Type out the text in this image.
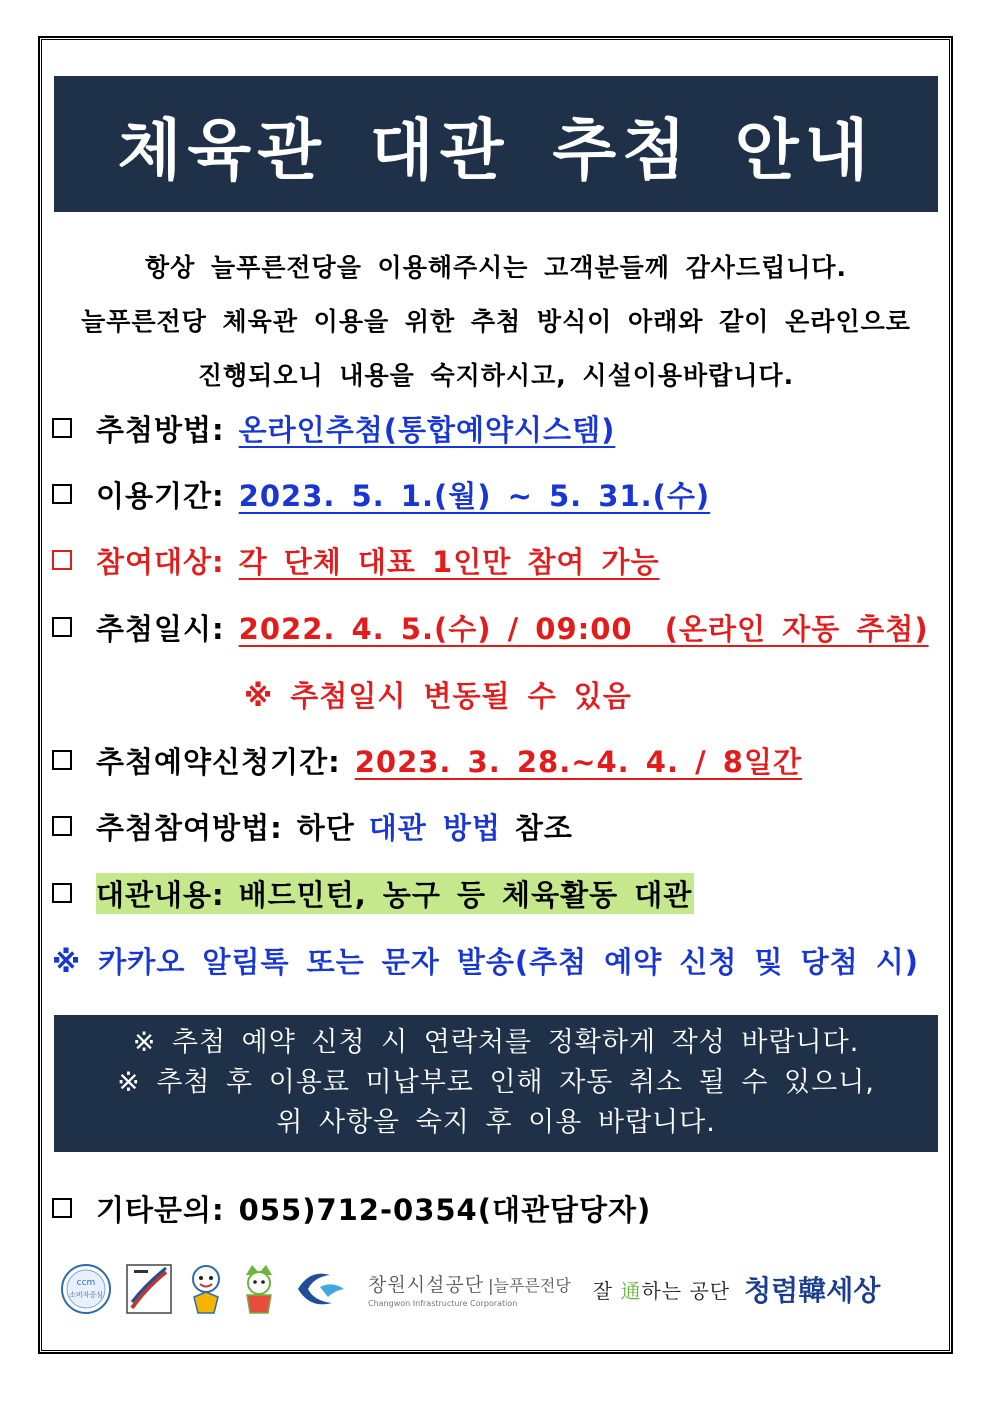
체육관 대관 추첨 안내
항상 늘푸른전당을 이용해주시는 고객분들께 감사드립니다.
늘푸른전당 체육관 이용을 위한 추첨 방식이 아래와 같이 온라인으로
진행되오니 내용을 숙지하시고, 시설이용바랍니다.
추첨방법: 온라인추첨(통합예약시스템)
이용기간: 2023. 5. 1.(월) ~ 5. 31.(수)
참여대상: 각 단체 대표 1인만 참여 가능
추첨일시: 2022. 4. 5.(수) / 09:00  (온라인 자동 추첨)
※ 추첨일시 변동될 수 있음
추첨예약신청기간: 2023. 3. 28.~4. 4. / 8일간
추첨참여방법: 하단 대관 방법 참조
대관내용: 배드민턴, 농구 등 체육활동 대관
※ 카카오 알림톡 또는 문자 발송(추첨 예약 신청 및 당첨 시)
※ 추첨 예약 신청 시 연락처를 정확하게 작성 바랍니다.
※ 추첨 후 이용료 미납부로 인해 자동 취소 될 수 있으니,
위 사항을 숙지 후 이용 바랍니다.
기타문의: 055)712-0354(대관담당자)
ccm
소비자중심	창원시설공단 |늘푸른전당
Changwon Infrastructure Corporation
잘 通하는 공단 청렴韓세상
